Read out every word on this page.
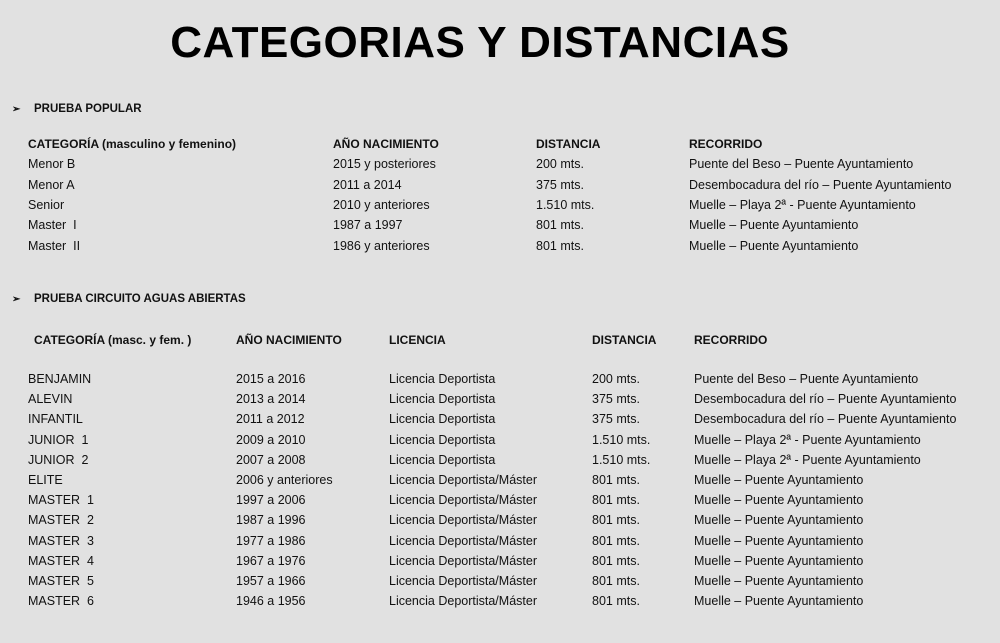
CATEGORIAS Y DISTANCIAS
➢	PRUEBA POPULAR
CATEGORÍA (masculino y femenino)	AÑO NACIMIENTO	DISTANCIA	RECORRIDO
Menor B	2015 y posteriores	200 mts.	Puente del Beso – Puente Ayuntamiento
Menor A	2011 a 2014	375 mts.	Desembocadura del río – Puente Ayuntamiento
Senior	2010 y anteriores	1.510 mts.	Muelle – Playa 2ª - Puente Ayuntamiento
Master  I	1987 a 1997	801 mts.	Muelle – Puente Ayuntamiento
Master  II	1986 y anteriores	801 mts.	Muelle – Puente Ayuntamiento
➢	PRUEBA CIRCUITO AGUAS ABIERTAS
CATEGORÍA (masc. y fem. )	AÑO NACIMIENTO	LICENCIA	DISTANCIA	RECORRIDO

BENJAMIN	2015 a 2016	Licencia Deportista	200 mts.	Puente del Beso – Puente Ayuntamiento
ALEVIN	2013 a 2014	Licencia Deportista	375 mts.	Desembocadura del río – Puente Ayuntamiento
INFANTIL	2011 a 2012	Licencia Deportista	375 mts.	Desembocadura del río – Puente Ayuntamiento
JUNIOR  1	2009 a 2010	Licencia Deportista	1.510 mts.	Muelle – Playa 2ª - Puente Ayuntamiento
JUNIOR  2	2007 a 2008	Licencia Deportista	1.510 mts.	Muelle – Playa 2ª - Puente Ayuntamiento
ELITE	2006 y anteriores	Licencia Deportista/Máster	801 mts.	Muelle – Puente Ayuntamiento
MASTER  1	1997 a 2006	Licencia Deportista/Máster	801 mts.	Muelle – Puente Ayuntamiento
MASTER  2	1987 a 1996	Licencia Deportista/Máster	801 mts.	Muelle – Puente Ayuntamiento
MASTER  3	1977 a 1986	Licencia Deportista/Máster	801 mts.	Muelle – Puente Ayuntamiento
MASTER  4	1967 a 1976	Licencia Deportista/Máster	801 mts.	Muelle – Puente Ayuntamiento
MASTER  5	1957 a 1966	Licencia Deportista/Máster	801 mts.	Muelle – Puente Ayuntamiento
MASTER  6	1946 a 1956	Licencia Deportista/Máster	801 mts.	Muelle – Puente Ayuntamiento
